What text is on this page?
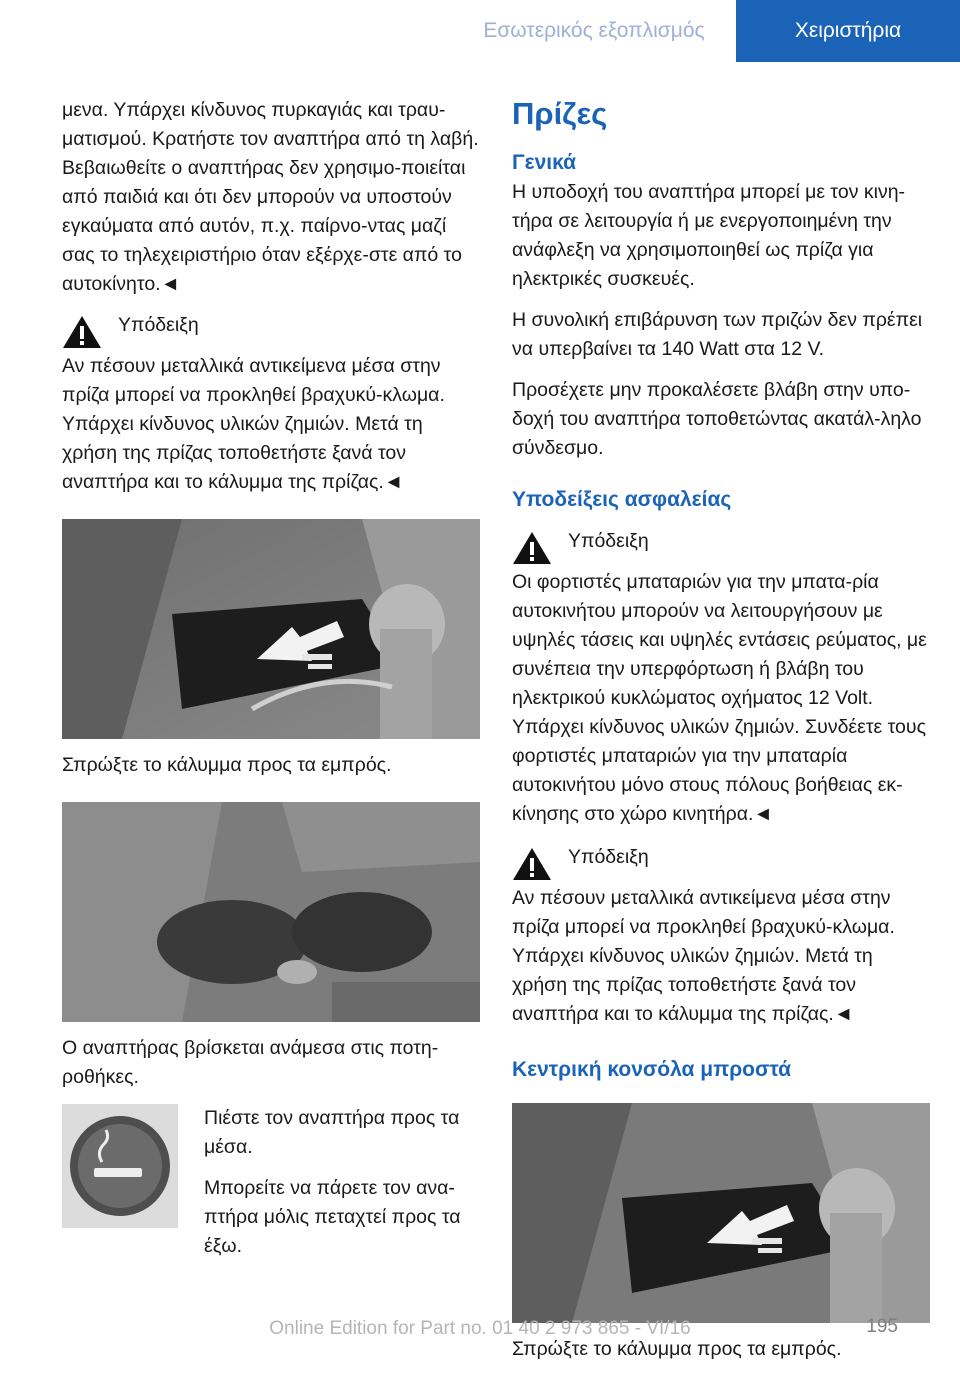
Εσωτερικός εξοπλισμός	Χειριστήρια

μενα. Υπάρχει κίνδυνος πυρκαγιάς και τραυ‐ματισμού. Κρατήστε τον αναπτήρα από τη λαβή. Βεβαιωθείτε ο αναπτήρας δεν χρησιμο‐ποιείται από παιδιά και ότι δεν μπορούν να υποστούν εγκαύματα από αυτόν, π.χ. παίρνο‐ντας μαζί σας το τηλεχειριστήριο όταν εξέρχε‐στε από το αυτοκίνητο.◄

Υπόδειξη

Αν πέσουν μεταλλικά αντικείμενα μέσα στην πρίζα μπορεί να προκληθεί βραχυκύ‐κλωμα. Υπάρχει κίνδυνος υλικών ζημιών. Μετά τη χρήση της πρίζας τοποθετήστε ξανά τον αναπτήρα και το κάλυμμα της πρίζας.◄

Σπρώξτε το κάλυμμα προς τα εμπρός.

Ο αναπτήρας βρίσκεται ανάμεσα στις ποτη‐ροθήκες.

Πιέστε τον αναπτήρα προς τα μέσα.

Μπορείτε να πάρετε τον ανα‐πτήρα μόλις πεταχτεί προς τα έξω.

Πρίζες
Γενικά

Η υποδοχή του αναπτήρα μπορεί με τον κινη‐τήρα σε λειτουργία ή με ενεργοποιημένη την ανάφλεξη να χρησιμοποιηθεί ως πρίζα για ηλεκτρικές συσκευές.

Η συνολική επιβάρυνση των πριζών δεν πρέπει να υπερβαίνει τα 140 Watt στα 12 V.

Προσέχετε μην προκαλέσετε βλάβη στην υπο‐δοχή του αναπτήρα τοποθετώντας ακατάλ‐ληλο σύνδεσμο.

Υποδείξεις ασφαλείας

Υπόδειξη

Οι φορτιστές μπαταριών για την μπατα‐ρία αυτοκινήτου μπορούν να λειτουργήσουν με υψηλές τάσεις και υψηλές εντάσεις ρεύματος, με συνέπεια την υπερφόρτωση ή βλάβη του ηλεκτρικού κυκλώματος οχήματος 12 Volt. Υπάρχει κίνδυνος υλικών ζημιών. Συνδέετε τους φορτιστές μπαταριών για την μπαταρία αυτοκινήτου μόνο στους πόλους βοήθειας εκ‐κίνησης στο χώρο κινητήρα.◄

Υπόδειξη

Αν πέσουν μεταλλικά αντικείμενα μέσα στην πρίζα μπορεί να προκληθεί βραχυκύ‐κλωμα. Υπάρχει κίνδυνος υλικών ζημιών. Μετά τη χρήση της πρίζας τοποθετήστε ξανά τον αναπτήρα και το κάλυμμα της πρίζας.◄

Κεντρική κονσόλα μπροστά

Σπρώξτε το κάλυμμα προς τα εμπρός.

Online Edition for Part no. 01 40 2 973 865 - VI/16	195
